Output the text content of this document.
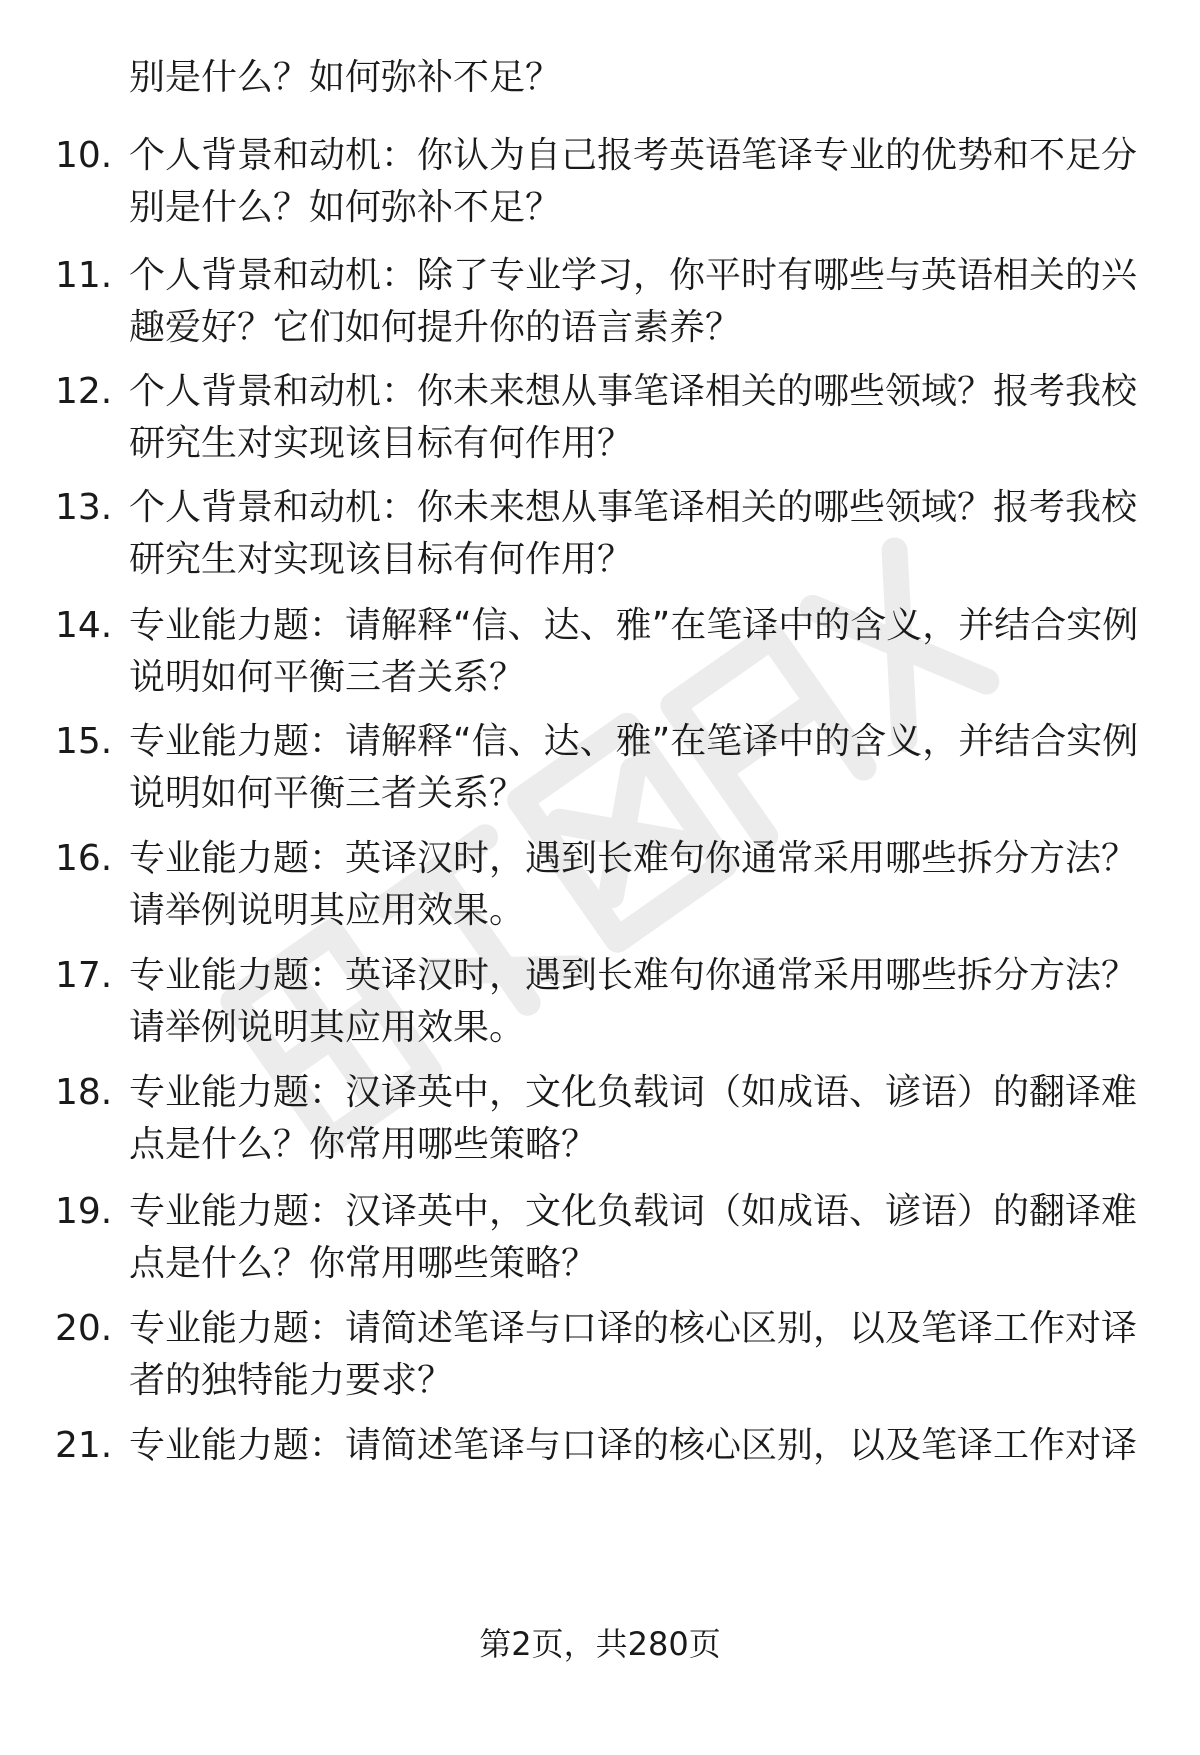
别是什么？如何弥补不足？
10. 个人背景和动机：你认为自己报考英语笔译专业的优势和不足分别是什么？如何弥补不足？
11. 个人背景和动机：除了专业学习，你平时有哪些与英语相关的兴趣爱好？它们如何提升你的语言素养？
12. 个人背景和动机：你未来想从事笔译相关的哪些领域？报考我校研究生对实现该目标有何作用？
13. 个人背景和动机：你未来想从事笔译相关的哪些领域？报考我校研究生对实现该目标有何作用？
14. 专业能力题：请解释“信、达、雅”在笔译中的含义，并结合实例说明如何平衡三者关系？
15. 专业能力题：请解释“信、达、雅”在笔译中的含义，并结合实例说明如何平衡三者关系？
16. 专业能力题：英译汉时，遇到长难句你通常采用哪些拆分方法？请举例说明其应用效果。
17. 专业能力题：英译汉时，遇到长难句你通常采用哪些拆分方法？请举例说明其应用效果。
18. 专业能力题：汉译英中，文化负载词（如成语、谚语）的翻译难点是什么？你常用哪些策略？
19. 专业能力题：汉译英中，文化负载词（如成语、谚语）的翻译难点是什么？你常用哪些策略？
20. 专业能力题：请简述笔译与口译的核心区别，以及笔译工作对译者的独特能力要求？
21. 专业能力题：请简述笔译与口译的核心区别，以及笔译工作对译
第2页，共280页
